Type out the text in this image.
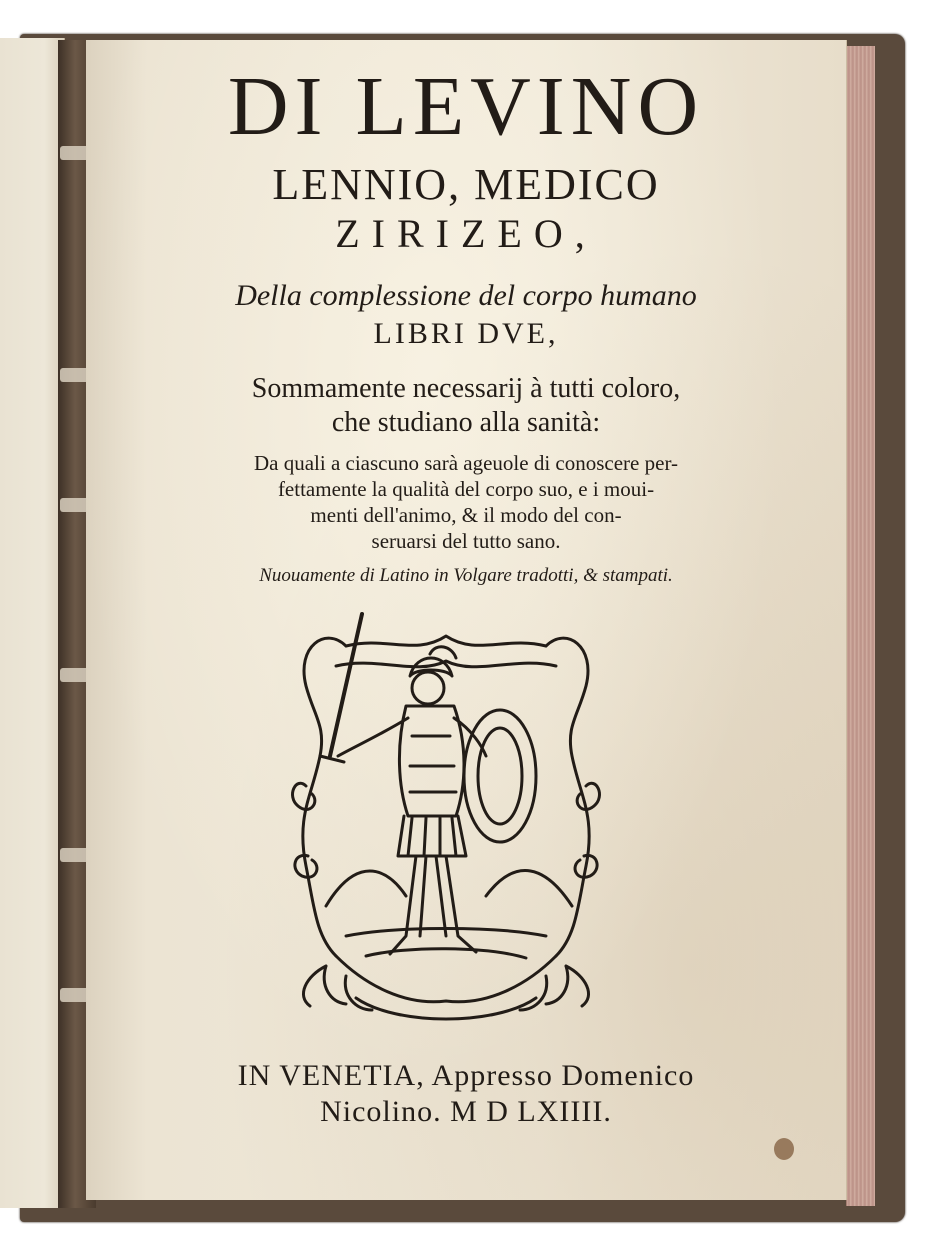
DI LEVINO
LENNIO, MEDICO
ZIRIZEO,
Della complessione del corpo humano
LIBRI DVE,
Sommamente necessarij à tutti coloro,
che studiano alla sanità:
Da quali a ciascuno sarà ageuole di conoscere per-
fettamente la qualità del corpo suo, e i moui-
menti dell'animo, & il modo del con-
seruarsi del tutto sano.
Nuouamente di Latino in Volgare tradotti, & stampati.
IN VENETIA, Appresso Domenico
Nicolino. M D LXIIII.
